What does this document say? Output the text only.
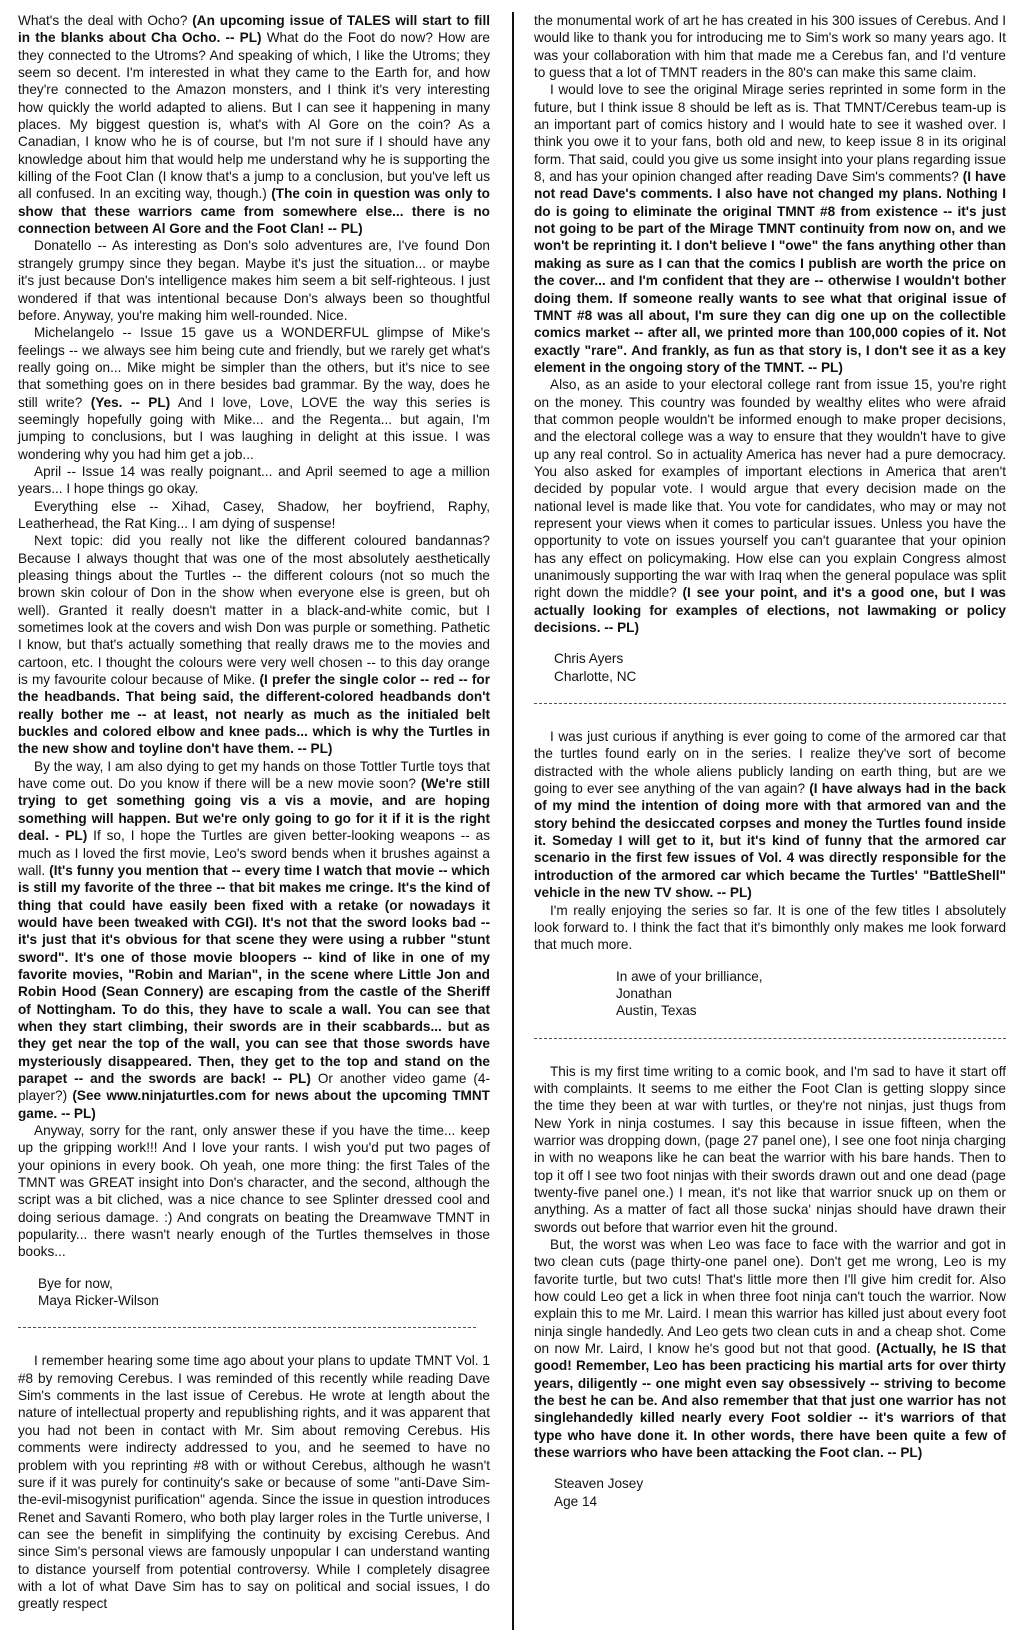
What's the deal with Ocho? (An upcoming issue of TALES will start to fill in the blanks about Cha Ocho. -- PL) What do the Foot do now? How are they connected to the Utroms? And speaking of which, I like the Utroms; they seem so decent. I'm interested in what they came to the Earth for, and how they're connected to the Amazon monsters, and I think it's very interesting how quickly the world adapted to aliens. But I can see it happening in many places. My biggest question is, what's with Al Gore on the coin? As a Canadian, I know who he is of course, but I'm not sure if I should have any knowledge about him that would help me understand why he is supporting the killing of the Foot Clan (I know that's a jump to a conclusion, but you've left us all confused. In an exciting way, though.) (The coin in question was only to show that these warriors came from somewhere else... there is no connection between Al Gore and the Foot Clan! -- PL)

Donatello -- As interesting as Don's solo adventures are, I've found Don strangely grumpy since they began. Maybe it's just the situation... or maybe it's just because Don's intelligence makes him seem a bit self-righteous. I just wondered if that was intentional because Don's always been so thoughtful before. Anyway, you're making him well-rounded. Nice.

Michelangelo -- Issue 15 gave us a WONDERFUL glimpse of Mike's feelings -- we always see him being cute and friendly, but we rarely get what's really going on... Mike might be simpler than the others, but it's nice to see that something goes on in there besides bad grammar. By the way, does he still write? (Yes. -- PL) And I love, Love, LOVE the way this series is seemingly hopefully going with Mike... and the Regenta... but again, I'm jumping to conclusions, but I was laughing in delight at this issue. I was wondering why you had him get a job...

April -- Issue 14 was really poignant... and April seemed to age a million years... I hope things go okay.

Everything else -- Xihad, Casey, Shadow, her boyfriend, Raphy, Leatherhead, the Rat King... I am dying of suspense!

Next topic: did you really not like the different coloured bandannas? Because I always thought that was one of the most absolutely aesthetically pleasing things about the Turtles -- the different colours (not so much the brown skin colour of Don in the show when everyone else is green, but oh well). Granted it really doesn't matter in a black-and-white comic, but I sometimes look at the covers and wish Don was purple or something. Pathetic I know, but that's actually something that really draws me to the movies and cartoon, etc. I thought the colours were very well chosen -- to this day orange is my favourite colour because of Mike. (I prefer the single color -- red -- for the headbands. That being said, the different-colored headbands don't really bother me -- at least, not nearly as much as the initialed belt buckles and colored elbow and knee pads... which is why the Turtles in the new show and toyline don't have them. -- PL)

By the way, I am also dying to get my hands on those Tottler Turtle toys that have come out. Do you know if there will be a new movie soon? (We're still trying to get something going vis a vis a movie, and are hoping something will happen. But we're only going to go for it if it is the right deal. - PL) If so, I hope the Turtles are given better-looking weapons -- as much as I loved the first movie, Leo's sword bends when it brushes against a wall. (It's funny you mention that -- every time I watch that movie -- which is still my favorite of the three -- that bit makes me cringe. It's the kind of thing that could have easily been fixed with a retake (or nowadays it would have been tweaked with CGI). It's not that the sword looks bad -- it's just that it's obvious for that scene they were using a rubber "stunt sword". It's one of those movie bloopers -- kind of like in one of my favorite movies, "Robin and Marian", in the scene where Little Jon and Robin Hood (Sean Connery) are escaping from the castle of the Sheriff of Nottingham. To do this, they have to scale a wall. You can see that when they start climbing, their swords are in their scabbards... but as they get near the top of the wall, you can see that those swords have mysteriously disappeared. Then, they get to the top and stand on the parapet -- and the swords are back! -- PL) Or another video game (4-player?) (See www.ninjaturtles.com for news about the upcoming TMNT game. -- PL)

Anyway, sorry for the rant, only answer these if you have the time... keep up the gripping work!!! And I love your rants. I wish you'd put two pages of your opinions in every book. Oh yeah, one more thing: the first Tales of the TMNT was GREAT insight into Don's character, and the second, although the script was a bit cliched, was a nice chance to see Splinter dressed cool and doing serious damage. :) And congrats on beating the Dreamwave TMNT in popularity... there wasn't nearly enough of the Turtles themselves in those books...

Bye for now,
Maya Ricker-Wilson

I remember hearing some time ago about your plans to update TMNT Vol. 1 #8 by removing Cerebus. I was reminded of this recently while reading Dave Sim's comments in the last issue of Cerebus. He wrote at length about the nature of intellectual property and republishing rights, and it was apparent that you had not been in contact with Mr. Sim about removing Cerebus. His comments were indirecty addressed to you, and he seemed to have no problem with you reprinting #8 with or without Cerebus, although he wasn't sure if it was purely for continuity's sake or because of some "anti-Dave Sim-the-evil-misogynist purification" agenda. Since the issue in question introduces Renet and Savanti Romero, who both play larger roles in the Turtle universe, I can see the benefit in simplifying the continuity by excising Cerebus. And since Sim's personal views are famously unpopular I can understand wanting to distance yourself from potential controversy. While I completely disagree with a lot of what Dave Sim has to say on political and social issues, I do greatly respect

the monumental work of art he has created in his 300 issues of Cerebus. And I would like to thank you for introducing me to Sim's work so many years ago. It was your collaboration with him that made me a Cerebus fan, and I'd venture to guess that a lot of TMNT readers in the 80's can make this same claim.

I would love to see the original Mirage series reprinted in some form in the future, but I think issue 8 should be left as is. That TMNT/Cerebus team-up is an important part of comics history and I would hate to see it washed over. I think you owe it to your fans, both old and new, to keep issue 8 in its original form. That said, could you give us some insight into your plans regarding issue 8, and has your opinion changed after reading Dave Sim's comments? (I have not read Dave's comments. I also have not changed my plans. Nothing I do is going to eliminate the original TMNT #8 from existence -- it's just not going to be part of the Mirage TMNT continuity from now on, and we won't be reprinting it. I don't believe I "owe" the fans anything other than making as sure as I can that the comics I publish are worth the price on the cover... and I'm confident that they are -- otherwise I wouldn't bother doing them. If someone really wants to see what that original issue of TMNT #8 was all about, I'm sure they can dig one up on the collectible comics market -- after all, we printed more than 100,000 copies of it. Not exactly "rare". And frankly, as fun as that story is, I don't see it as a key element in the ongoing story of the TMNT. -- PL)

Also, as an aside to your electoral college rant from issue 15, you're right on the money. This country was founded by wealthy elites who were afraid that common people wouldn't be informed enough to make proper decisions, and the electoral college was a way to ensure that they wouldn't have to give up any real control. So in actuality America has never had a pure democracy. You also asked for examples of important elections in America that aren't decided by popular vote. I would argue that every decision made on the national level is made like that. You vote for candidates, who may or may not represent your views when it comes to particular issues. Unless you have the opportunity to vote on issues yourself you can't guarantee that your opinion has any effect on policymaking. How else can you explain Congress almost unanimously supporting the war with Iraq when the general populace was split right down the middle? (I see your point, and it's a good one, but I was actually looking for examples of elections, not lawmaking or policy decisions. -- PL)

Chris Ayers
Charlotte, NC

I was just curious if anything is ever going to come of the armored car that the turtles found early on in the series. I realize they've sort of become distracted with the whole aliens publicly landing on earth thing, but are we going to ever see anything of the van again? (I have always had in the back of my mind the intention of doing more with that armored van and the story behind the desiccated corpses and money the Turtles found inside it. Someday I will get to it, but it's kind of funny that the armored car scenario in the first few issues of Vol. 4 was directly responsible for the introduction of the armored car which became the Turtles' "BattleShell" vehicle in the new TV show. -- PL)

I'm really enjoying the series so far. It is one of the few titles I absolutely look forward to. I think the fact that it's bimonthly only makes me look forward that much more.

In awe of your brilliance,
Jonathan
Austin, Texas

This is my first time writing to a comic book, and I'm sad to have it start off with complaints. It seems to me either the Foot Clan is getting sloppy since the time they been at war with turtles, or they're not ninjas, just thugs from New York in ninja costumes. I say this because in issue fifteen, when the warrior was dropping down, (page 27 panel one), I see one foot ninja charging in with no weapons like he can beat the warrior with his bare hands. Then to top it off I see two foot ninjas with their swords drawn out and one dead (page twenty-five panel one.) I mean, it's not like that warrior snuck up on them or anything. As a matter of fact all those sucka' ninjas should have drawn their swords out before that warrior even hit the ground.

But, the worst was when Leo was face to face with the warrior and got in two clean cuts (page thirty-one panel one). Don't get me wrong, Leo is my favorite turtle, but two cuts! That's little more then I'll give him credit for. Also how could Leo get a lick in when three foot ninja can't touch the warrior. Now explain this to me Mr. Laird. I mean this warrior has killed just about every foot ninja single handedly. And Leo gets two clean cuts in and a cheap shot. Come on now Mr. Laird, I know he's good but not that good. (Actually, he IS that good! Remember, Leo has been practicing his martial arts for over thirty years, diligently -- one might even say obsessively -- striving to become the best he can be. And also remember that that just one warrior has not singlehandedly killed nearly every Foot soldier -- it's warriors of that type who have done it. In other words, there have been quite a few of these warriors who have been attacking the Foot clan. -- PL)

Steaven Josey
Age 14
